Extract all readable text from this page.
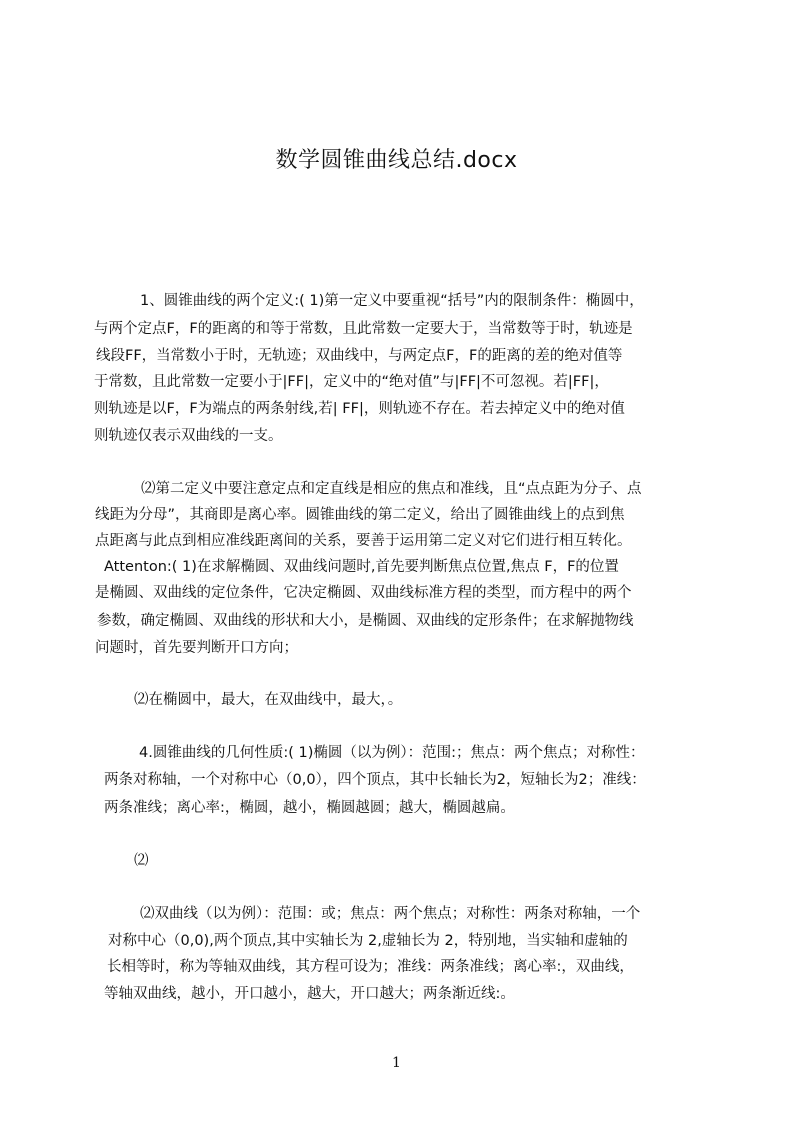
数学圆锥曲线总结.docx
1、圆锥曲线的两个定义:( 1)第一定义中要重视“括号”内的限制条件：椭圆中，
与两个定点F，F的距离的和等于常数，且此常数一定要大于，当常数等于时，轨迹是
线段FF，当常数小于时，无轨迹；双曲线中，与两定点F，F的距离的差的绝对值等
于常数，且此常数一定要小于|FF|，定义中的“绝对值”与|FF|不可忽视。若|FF|，
则轨迹是以F，F为端点的两条射线,若| FF|，则轨迹不存在。若去掉定义中的绝对值
则轨迹仅表示双曲线的一支。
⑵第二定义中要注意定点和定直线是相应的焦点和准线，且“点点距为分子、点
线距为分母”，其商即是离心率。圆锥曲线的第二定义，给出了圆锥曲线上的点到焦
点距离与此点到相应准线距离间的关系，要善于运用第二定义对它们进行相互转化。
Attenton:( 1)在求解椭圆、双曲线问题时,首先要判断焦点位置,焦点 F，F的位置
是椭圆、双曲线的定位条件，它决定椭圆、双曲线标准方程的类型，而方程中的两个
参数，确定椭圆、双曲线的形状和大小，是椭圆、双曲线的定形条件；在求解抛物线
问题时，首先要判断开口方向；
⑵在椭圆中，最大，在双曲线中，最大，。
4.圆锥曲线的几何性质:( 1)椭圆（以为例）：范围:；焦点：两个焦点；对称性：
两条对称轴，一个对称中心（0,0），四个顶点，其中长轴长为2，短轴长为2；准线：
两条准线；离心率:，椭圆，越小，椭圆越圆；越大，椭圆越扁。
⑵
⑵双曲线（以为例）：范围：或；焦点：两个焦点；对称性：两条对称轴，一个
对称中心（0,0),两个顶点,其中实轴长为 2,虚轴长为 2，特别地，当实轴和虚轴的
长相等时，称为等轴双曲线，其方程可设为；准线：两条准线；离心率:，双曲线，
等轴双曲线，越小，开口越小，越大，开口越大；两条渐近线:。
1
